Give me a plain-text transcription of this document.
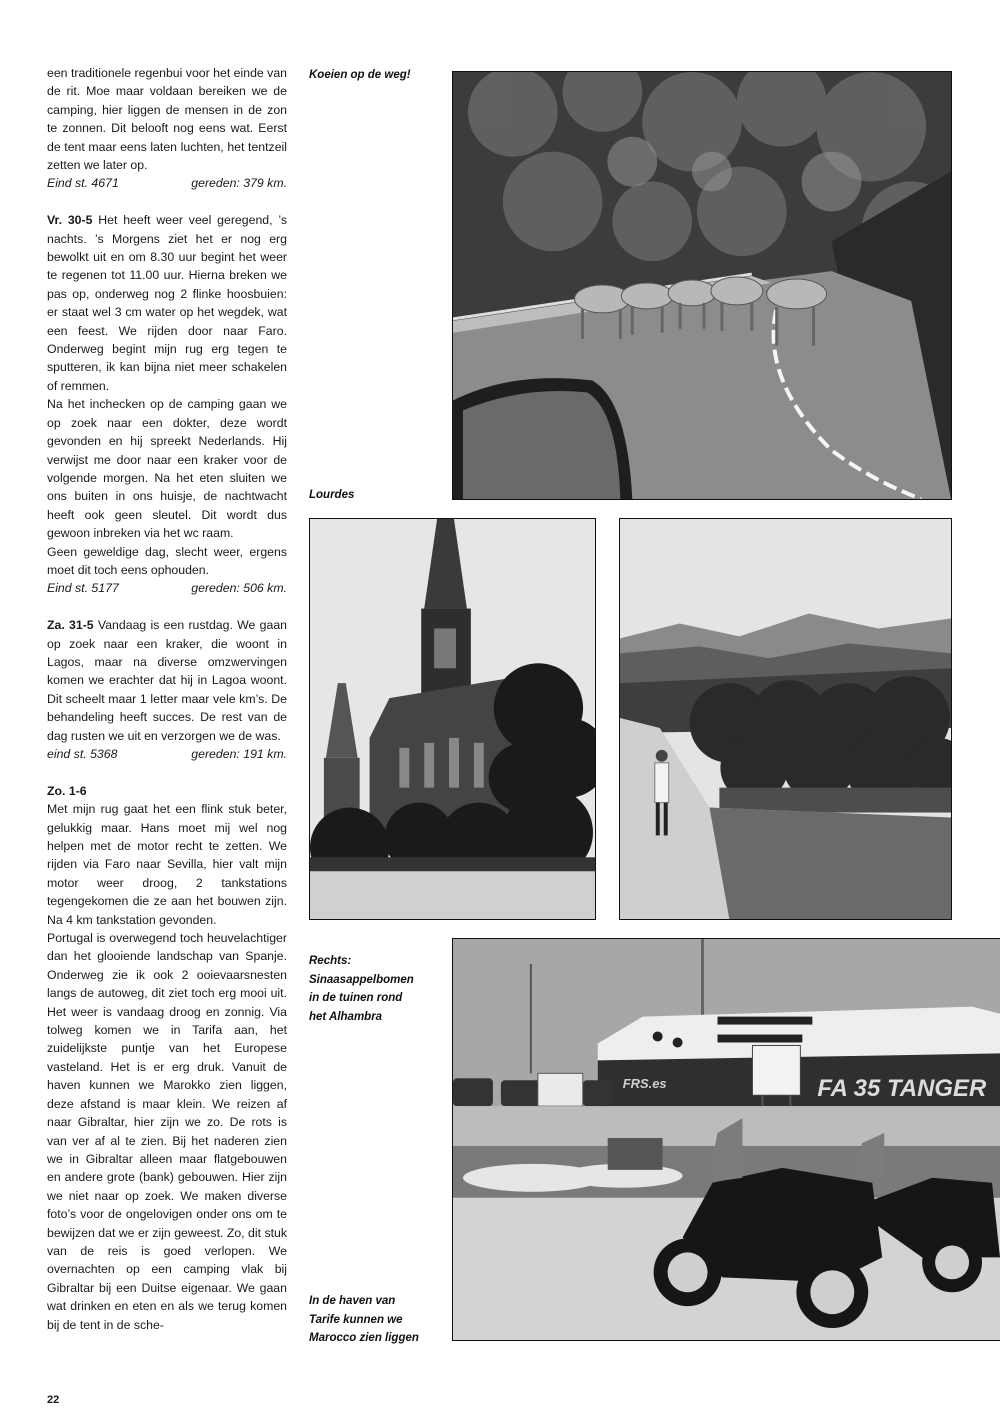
een traditionele regenbui voor het einde van de rit. Moe maar voldaan bereiken we de camping, hier liggen de mensen in de zon te zonnen. Dit belooft nog eens wat. Eerst de tent maar eens laten luchten, het tentzeil zetten we later op.

Eind st. 4671	gereden: 379 km.

Vr. 30-5 Het heeft weer veel geregend, ’s nachts. ’s Morgens ziet het er nog erg bewolkt uit en om 8.30 uur begint het weer te regenen tot 11.00 uur. Hierna breken we pas op, onderweg nog 2 flinke hoosbuien: er staat wel 3 cm water op het wegdek, wat een feest. We rijden door naar Faro. Onderweg begint mijn rug erg tegen te sputteren, ik kan bijna niet meer schakelen of remmen.

Na het inchecken op de camping gaan we op zoek naar een dokter, deze wordt gevonden en hij spreekt Nederlands. Hij verwijst me door naar een kraker voor de volgende morgen. Na het eten sluiten we ons buiten in ons huisje, de nachtwacht heeft ook geen sleutel. Dit wordt dus gewoon inbreken via het wc raam.

Geen geweldige dag, slecht weer, ergens moet dit toch eens ophouden.

Eind st. 5177	gereden: 506 km.

Za. 31-5 Vandaag is een rustdag. We gaan op zoek naar een kraker, die woont in Lagos, maar na diverse omzwervingen komen we erachter dat hij in Lagoa woont. Dit scheelt maar 1 letter maar vele km’s. De behandeling heeft succes. De rest van de dag rusten we uit en verzorgen we de was.

eind st. 5368	gereden: 191 km.

Zo. 1-6

Met mijn rug gaat het een flink stuk beter, gelukkig maar. Hans moet mij wel nog helpen met de motor recht te zetten. We rijden via Faro naar Sevilla, hier valt mijn motor weer droog, 2 tankstations tegengekomen die ze aan het bouwen zijn. Na 4 km tankstation gevonden.

Portugal is overwegend toch heuvelachtiger dan het glooiende landschap van Spanje. Onderweg zie ik ook 2 ooievaarsnesten langs de autoweg, dit ziet toch erg mooi uit. Het weer is vandaag droog en zonnig. Via tolweg komen we in Tarifa aan, het zuidelijkste puntje van het Europese vasteland. Het is er erg druk. Vanuit de haven kunnen we Marokko zien liggen, deze afstand is maar klein. We reizen af naar Gibraltar, hier zijn we zo. De rots is van ver af al te zien. Bij het naderen zien we in Gibraltar alleen maar flatgebouwen en andere grote (bank) gebouwen. Hier zijn we niet naar op zoek. We maken diverse foto’s voor de ongelovigen onder ons om te bewijzen dat we er zijn geweest. Zo, dit stuk van de reis is goed verlopen. We overnachten op een camping vlak bij Gibraltar bij een Duitse eigenaar. We gaan wat drinken en eten en als we terug komen bij de tent in de sche-

22
Koeien op de weg!
Lourdes
Rechts:
Sinaasappelbomen
in de tuinen rond
het Alhambra
In de haven van
Tarife kunnen we
Marocco zien liggen
FRS.es	FA 35 TANGER
